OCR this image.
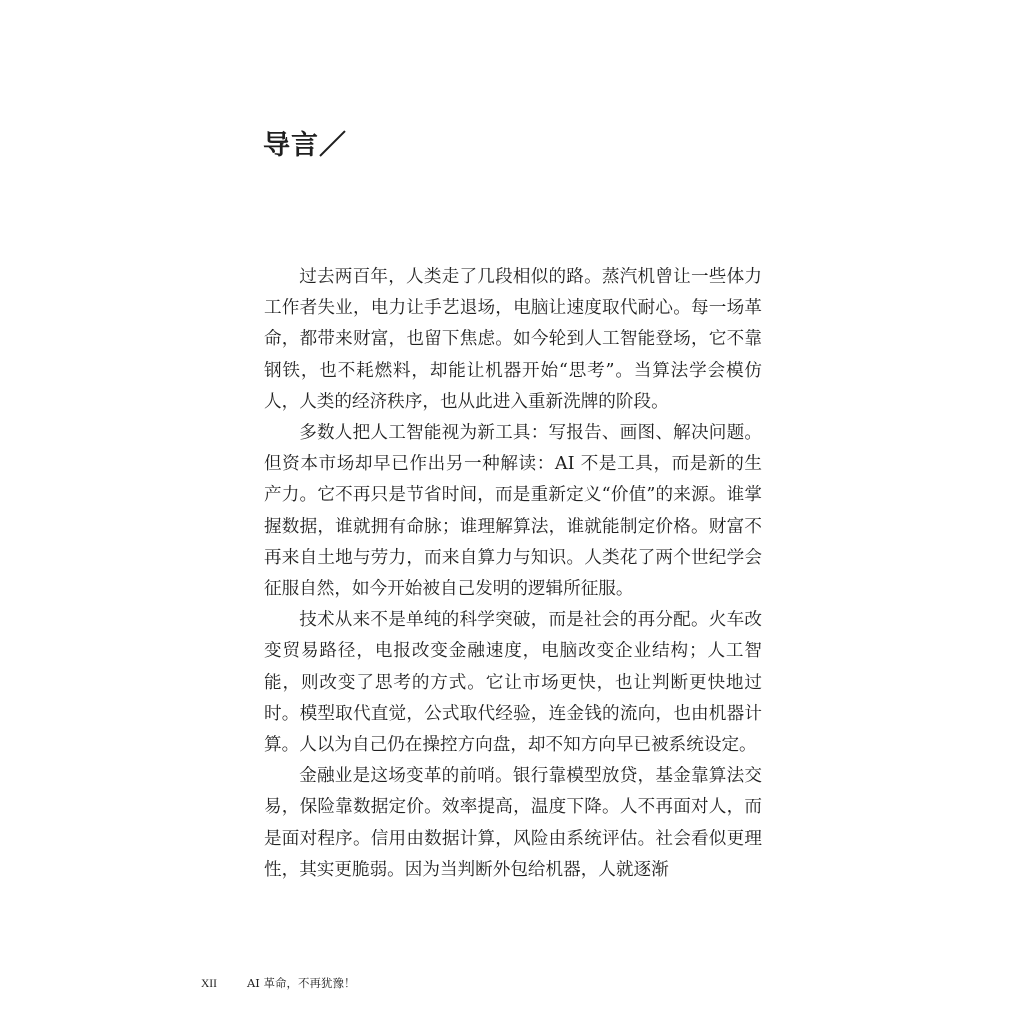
导言／

过去两百年，人类走了几段相似的路。蒸汽机曾让一些体力工作者失业，电力让手艺退场，电脑让速度取代耐心。每一场革命，都带来财富，也留下焦虑。如今轮到人工智能登场，它不靠钢铁，也不耗燃料，却能让机器开始“思考”。当算法学会模仿人，人类的经济秩序，也从此进入重新洗牌的阶段。

多数人把人工智能视为新工具：写报告、画图、解决问题。但资本市场却早已作出另一种解读：AI 不是工具，而是新的生产力。它不再只是节省时间，而是重新定义“价值”的来源。谁掌握数据，谁就拥有命脉；谁理解算法，谁就能制定价格。财富不再来自土地与劳力，而来自算力与知识。人类花了两个世纪学会征服自然，如今开始被自己发明的逻辑所征服。

技术从来不是单纯的科学突破，而是社会的再分配。火车改变贸易路径，电报改变金融速度，电脑改变企业结构；人工智能，则改变了思考的方式。它让市场更快，也让判断更快地过时。模型取代直觉，公式取代经验，连金钱的流向，也由机器计算。人以为自己仍在操控方向盘，却不知方向早已被系统设定。

金融业是这场变革的前哨。银行靠模型放贷，基金靠算法交易，保险靠数据定价。效率提高，温度下降。人不再面对人，而是面对程序。信用由数据计算，风险由系统评估。社会看似更理性，其实更脆弱。因为当判断外包给机器，人就逐渐

XII	AI 革命，不再犹豫！
